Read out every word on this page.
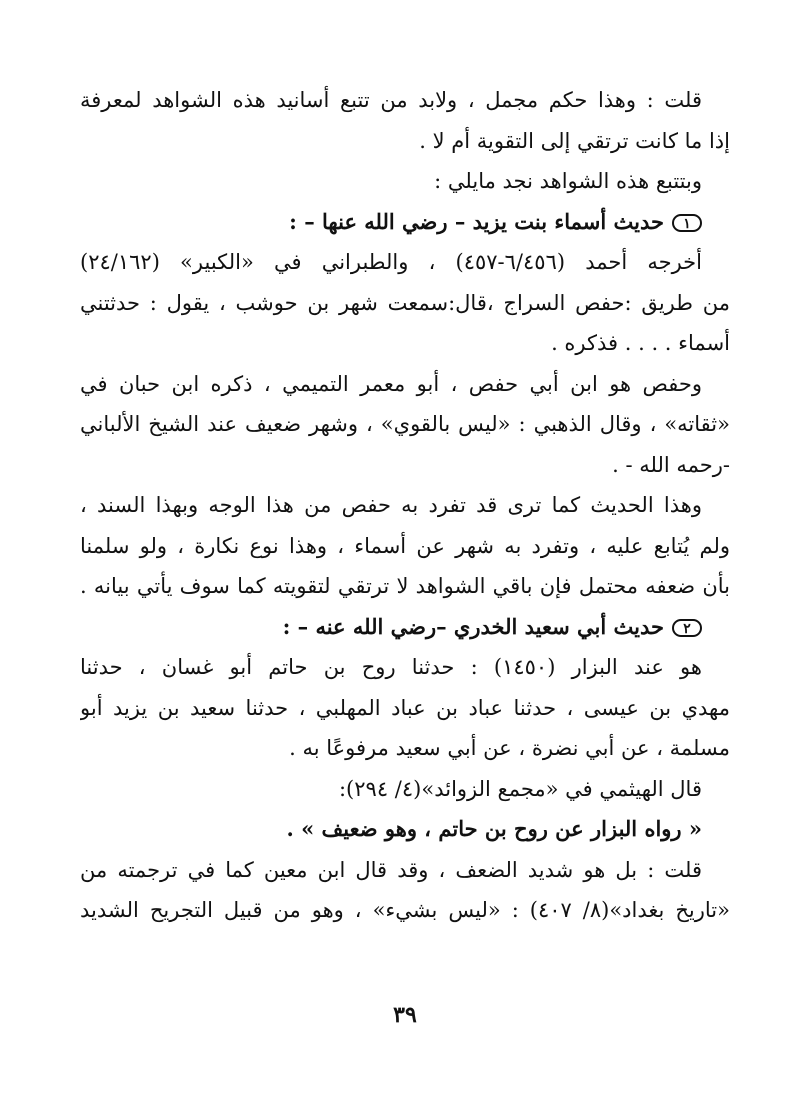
قلت : وهذا حكم مجمل ، ولابد من تتبع أسانيد هذه الشواهد لمعرفة
إذا ما كانت ترتقي إلى التقوية أم لا .
وبتتبع هذه الشواهد نجد مايلي :
١حديث أسماء بنت يزيد – رضي الله عنها – :
أخرجه أحمد (٦/٤٥٦-٤٥٧) ، والطبراني في «الكبير» (٢٤/١٦٢)
من طريق :حفص السراج ،قال:سمعت شهر بن حوشب ، يقول : حدثتني
أسماء . . . . فذكره .
وحفص هو ابن أبي حفص ، أبو معمر التميمي ، ذكره ابن حبان في
«ثقاته» ، وقال الذهبي : «ليس بالقوي» ، وشهر ضعيف عند الشيخ الألباني
-رحمه الله - .
وهذا الحديث كما ترى قد تفرد به حفص من هذا الوجه وبهذا السند ،
ولم يُتابع عليه ، وتفرد به شهر عن أسماء ، وهذا نوع نكارة ، ولو سلمنا
بأن ضعفه محتمل فإن باقي الشواهد لا ترتقي لتقويته كما سوف يأتي بيانه .
٢حديث أبي سعيد الخدري –رضي الله عنه – :
هو عند البزار (١٤٥٠) : حدثنا روح بن حاتم أبو غسان ، حدثنا
مهدي بن عيسى ، حدثنا عباد بن عباد المهلبي ، حدثنا سعيد بن يزيد أبو
مسلمة ، عن أبي نضرة ، عن أبي سعيد مرفوعًا به .
قال الهيثمي في «مجمع الزوائد»(٤/ ٢٩٤):
« رواه البزار عن روح بن حاتم ، وهو ضعيف » .
قلت : بل هو شديد الضعف ، وقد قال ابن معين كما في ترجمته من
«تاريخ بغداد»(٨/ ٤٠٧) : «ليس بشيء» ، وهو من قبيل التجريح الشديد
٣٩
